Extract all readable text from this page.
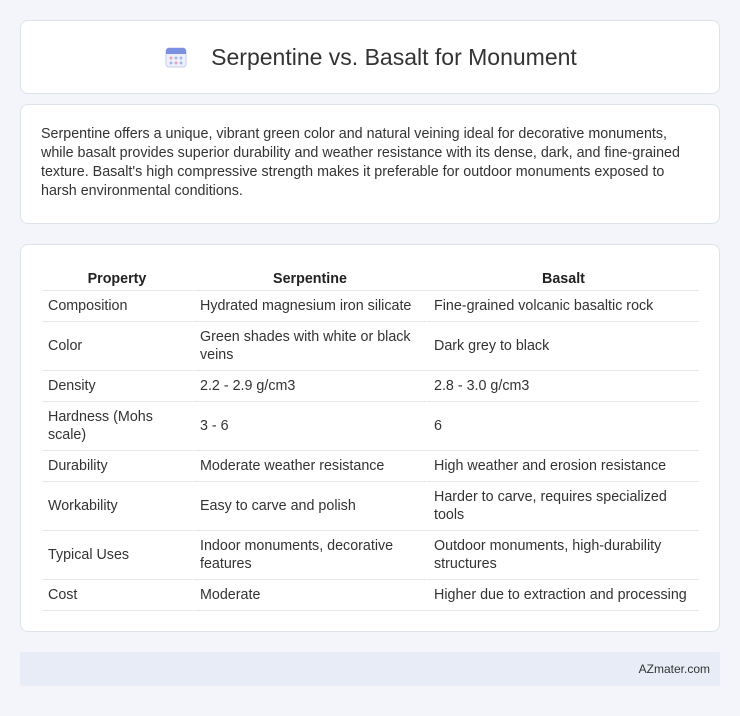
Serpentine vs. Basalt for Monument

Serpentine offers a unique, vibrant green color and natural veining ideal for decorative monuments, while basalt provides superior durability and weather resistance with its dense, dark, and fine-grained texture. Basalt's high compressive strength makes it preferable for outdoor monuments exposed to harsh environmental conditions.

Property	Serpentine	Basalt
Composition	Hydrated magnesium iron silicate	Fine-grained volcanic basaltic rock
Color	Green shades with white or black veins	Dark grey to black
Density	2.2 - 2.9 g/cm3	2.8 - 3.0 g/cm3
Hardness (Mohs scale)	3 - 6	6
Durability	Moderate weather resistance	High weather and erosion resistance
Workability	Easy to carve and polish	Harder to carve, requires specialized tools
Typical Uses	Indoor monuments, decorative features	Outdoor monuments, high-durability structures
Cost	Moderate	Higher due to extraction and processing
AZmater.com
